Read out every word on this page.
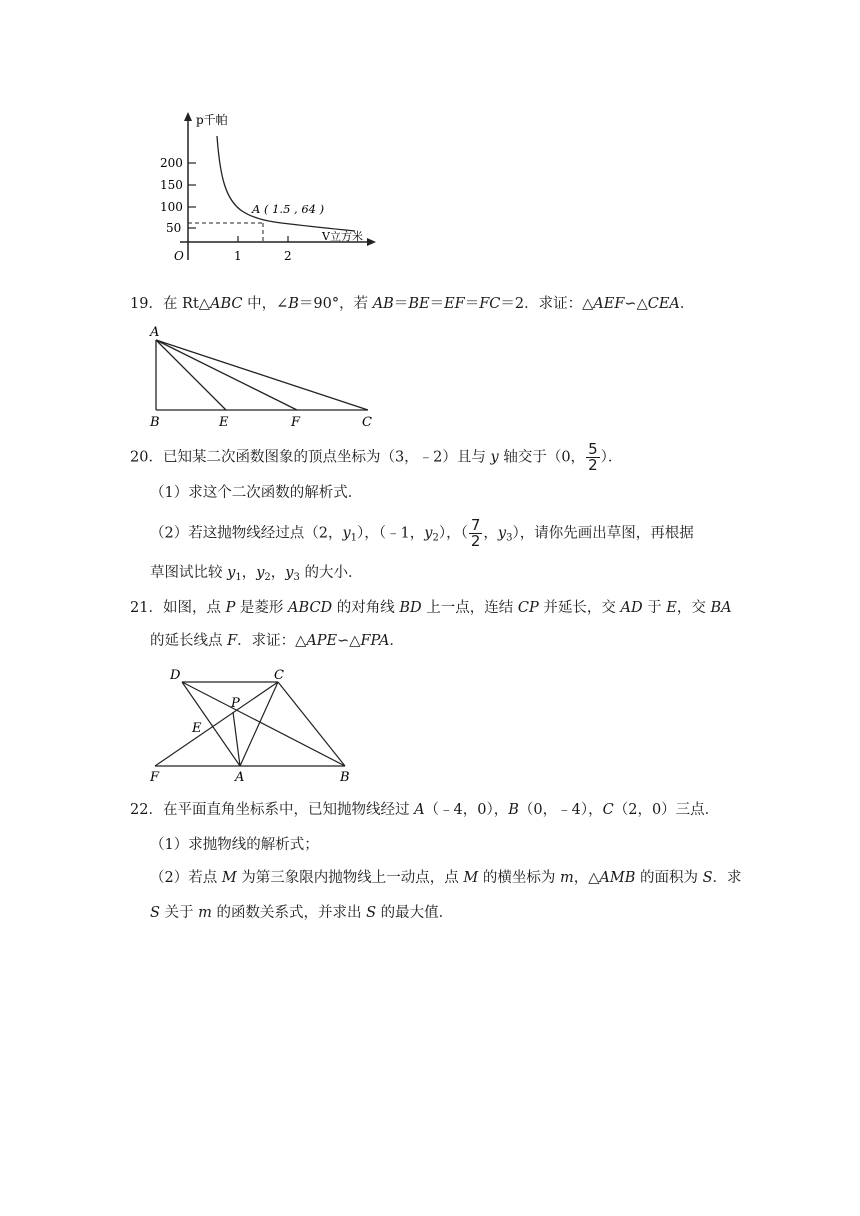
200
150
100
50
1	2
O
p千帕
V立方米
A ( 1.5 , 64 )
19．在 Rt△ABC 中，∠B＝90°，若 AB＝BE＝EF＝FC＝2．求证：△AEF∽△CEA．
A
B	E	F	C
20．已知某二次函数图象的顶点坐标为（3，﹣2）且与 y 轴交于（0， $\frac{5}{2}$ ）．
（1）求这个二次函数的解析式．
（2）若这抛物线经过点（2，$y_1$），（﹣1，$y_2$），（ $\frac{7}{2}$ ，$y_3$），请你先画出草图，再根据
草图试比较 $y_1$，$y_2$，$y_3$ 的大小．
21．如图，点 P 是菱形 ABCD 的对角线 BD 上一点，连结 CP 并延长，交 AD 于 E，交 BA
的延长线点 F．求证：△APE∽△FPA．
D	C
P
E
F	A	B
22．在平面直角坐标系中，已知抛物线经过 A（﹣4，0），B（0，﹣4），C（2，0）三点．
（1）求抛物线的解析式；
（2）若点 M 为第三象限内抛物线上一动点，点 M 的横坐标为 m，△AMB 的面积为 S．求
S 关于 m 的函数关系式，并求出 S 的最大值．
